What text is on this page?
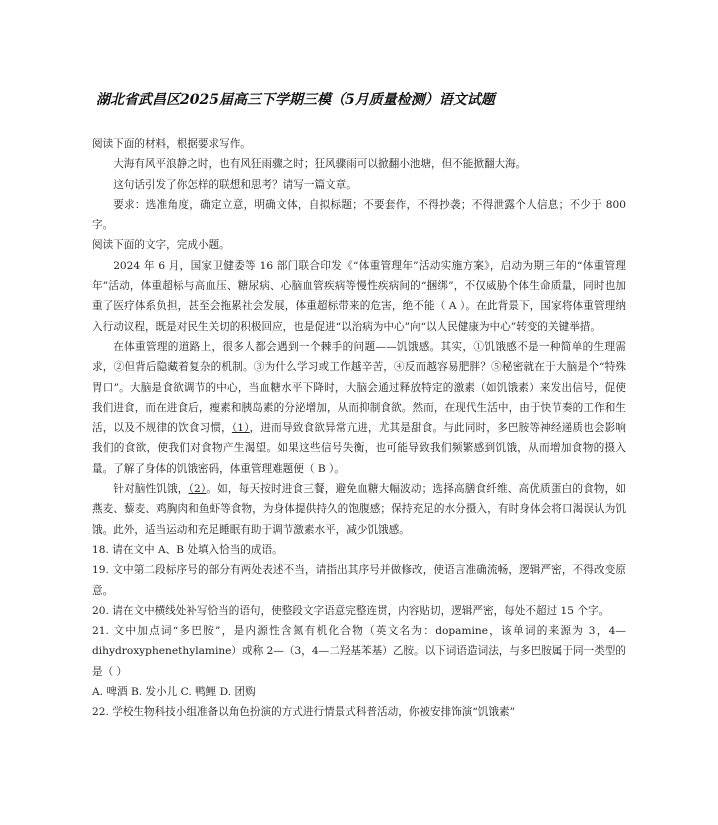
湖北省武昌区2025届高三下学期三模（5月质量检测）语文试题

阅读下面的材料，根据要求写作。

大海有风平浪静之时，也有风狂雨骤之时；狂风骤雨可以掀翻小池塘，但不能掀翻大海。

这句话引发了你怎样的联想和思考？请写一篇文章。

要求：选准角度，确定立意，明确文体，自拟标题；不要套作，不得抄袭；不得泄露个人信息；不少于 800 字。

阅读下面的文字，完成小题。

2024 年 6 月，国家卫健委等 16 部门联合印发《“体重管理年”活动实施方案》，启动为期三年的“体重管理年”活动，体重超标与高血压、糖尿病、心脑血管疾病等慢性疾病间的“捆绑”，不仅威胁个体生命质量，同时也加重了医疗体系负担，甚至会拖累社会发展，体重超标带来的危害，绝不能（ A ）。在此背景下，国家将体重管理纳入行动议程，既是对民生关切的积极回应，也是促进“以治病为中心”向“以人民健康为中心”转变的关键举措。

在体重管理的道路上，很多人都会遇到一个棘手的问题——饥饿感。其实，①饥饿感不是一种简单的生理需求，②但背后隐藏着复杂的机制。③为什么学习或工作越辛苦，④反而越容易肥胖？⑤秘密就在于大脑是个“特殊胃口”。大脑是食欲调节的中心，当血糖水平下降时，大脑会通过释放特定的激素（如饥饿素）来发出信号，促使我们进食，而在进食后，瘦素和胰岛素的分泌增加，从而抑制食欲。然而，在现代生活中，由于快节奏的工作和生活，以及不规律的饮食习惯，（1），进而导致食欲异常亢进，尤其是甜食。与此同时，多巴胺等神经递质也会影响我们的食欲，使我们对食物产生渴望。如果这些信号失衡，也可能导致我们频繁感到饥饿，从而增加食物的摄入量。了解了身体的饥饿密码，体重管理难题便（ B ）。

针对脑性饥饿，（2）。如，每天按时进食三餐，避免血糖大幅波动；选择高膳食纤维、高优质蛋白的食物，如燕麦、藜麦、鸡胸肉和鱼虾等食物，为身体提供持久的饱腹感；保持充足的水分摄入，有时身体会将口渴误认为饥饿。此外，适当运动和充足睡眠有助于调节激素水平，减少饥饿感。

18. 请在文中 A、B 处填入恰当的成语。

19. 文中第二段标序号的部分有两处表述不当，请指出其序号并做修改，使语言准确流畅，逻辑严密，不得改变原意。

20. 请在文中横线处补写恰当的语句，使整段文字语意完整连贯，内容贴切，逻辑严密，每处不超过 15 个字。

21. 文中加点词“多巴胺”，是内源性含氮有机化合物（英文名为：dopamine，该单词的来源为 3，4—dihydroxyphenethylamine）或称 2—（3，4—二羟基苯基）乙胺。以下词语造词法，与多巴胺属于同一类型的是（ ）

A. 啤酒 B. 发小儿 C. 鸭鲤 D. 团购

22. 学校生物科技小组准备以角色扮演的方式进行情景式科普活动，你被安排饰演“饥饿素”
